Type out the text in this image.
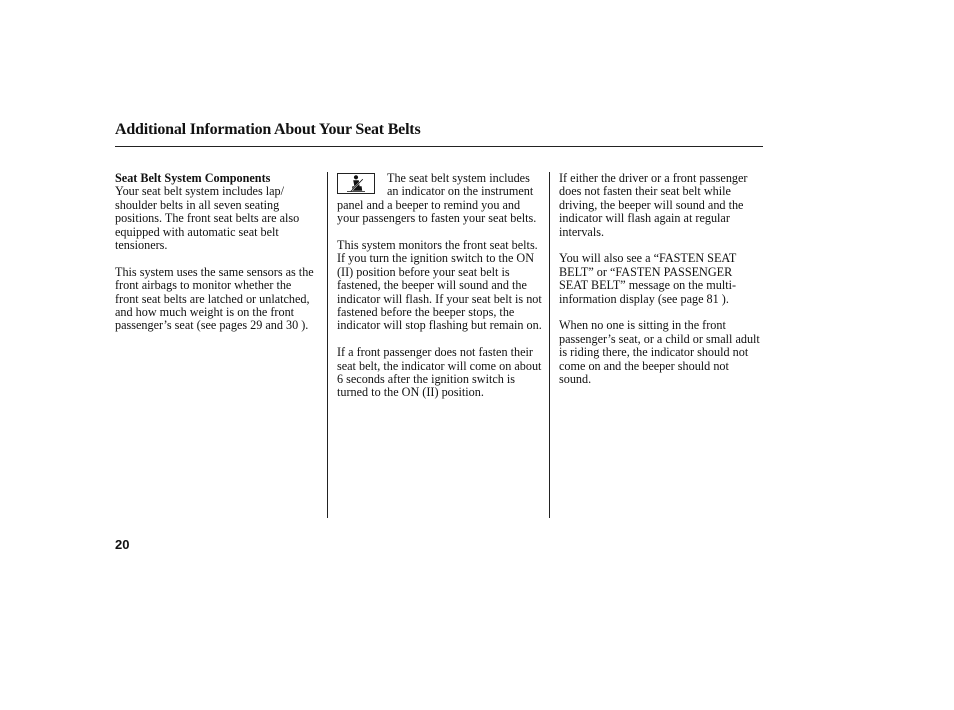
Additional Information About Your Seat Belts
Seat Belt System Components

Your seat belt system includes lap/ shoulder belts in all seven seating positions. The front seat belts are also equipped with automatic seat belt tensioners.

This system uses the same sensors as the front airbags to monitor whether the front seat belts are latched or unlatched, and how much weight is on the front passenger’s seat (see pages 29 and 30 ).

The seat belt system includes an indicator on the instrument panel and a beeper to remind you and your passengers to fasten your seat belts.

This system monitors the front seat belts. If you turn the ignition switch to the ON (II) position before your seat belt is fastened, the beeper will sound and the indicator will flash. If your seat belt is not fastened before the beeper stops, the indicator will stop flashing but remain on.

If a front passenger does not fasten their seat belt, the indicator will come on about 6 seconds after the ignition switch is turned to the ON (II) position.

If either the driver or a front passenger does not fasten their seat belt while driving, the beeper will sound and the indicator will flash again at regular intervals.

You will also see a “FASTEN SEAT BELT” or “FASTEN PASSENGER SEAT BELT” message on the multi-information display (see page 81 ).

When no one is sitting in the front passenger’s seat, or a child or small adult is riding there, the indicator should not come on and the beeper should not sound.

20
